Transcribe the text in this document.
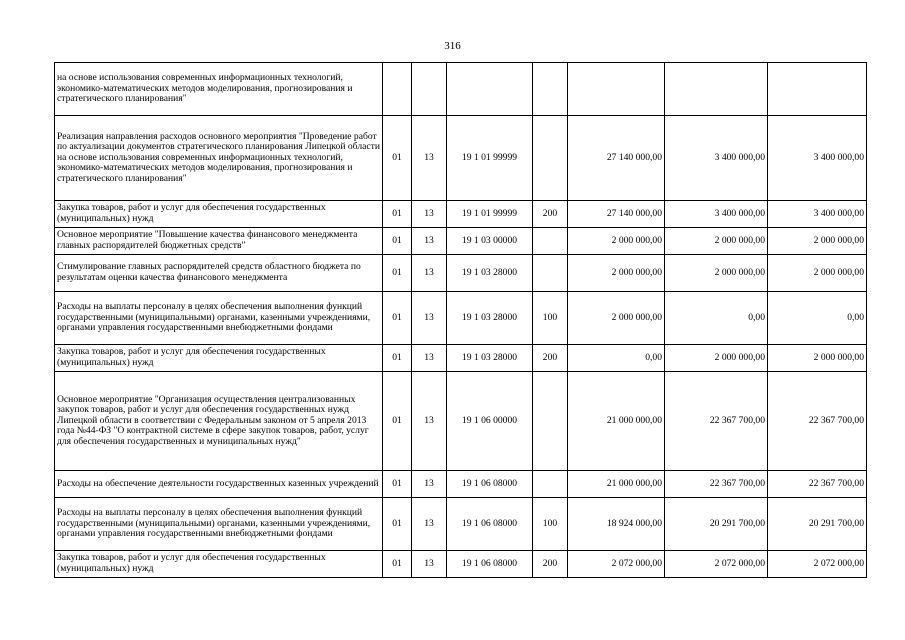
316
на основе использования современных информационных технологий, экономико-математических методов моделирования, прогнозирования и стратегического планирования"							
Реализация направления расходов основного мероприятия "Проведение работ по актуализации документов стратегического планирования Липецкой области на основе использования современных информационных технологий, экономико-математических методов моделирования, прогнозирования и стратегического планирования"	01	13	19 1 01 99999		27 140 000,00	3 400 000,00	3 400 000,00
Закупка товаров, работ и услуг для обеспечения государственных (муниципальных) нужд	01	13	19 1 01 99999	200	27 140 000,00	3 400 000,00	3 400 000,00
Основное мероприятие "Повышение качества финансового менеджмента главных распорядителей бюджетных средств"	01	13	19 1 03 00000		2 000 000,00	2 000 000,00	2 000 000,00
Стимулирование главных распорядителей средств областного бюджета по результатам оценки качества финансового менеджмента	01	13	19 1 03 28000		2 000 000,00	2 000 000,00	2 000 000,00
Расходы на выплаты персоналу в целях обеспечения выполнения функций государственными (муниципальными) органами, казенными учреждениями, органами управления государственными внебюджетными фондами	01	13	19 1 03 28000	100	2 000 000,00	0,00	0,00
Закупка товаров, работ и услуг для обеспечения государственных (муниципальных) нужд	01	13	19 1 03 28000	200	0,00	2 000 000,00	2 000 000,00
Основное мероприятие "Организация осуществления централизованных закупок товаров, работ и услуг для обеспечения государственных нужд Липецкой области в соответствии с Федеральным законом от 5 апреля 2013 года №44-ФЗ "О контрактной системе в сфере закупок товаров, работ, услуг для обеспечения государственных и муниципальных нужд"	01	13	19 1 06 00000		21 000 000,00	22 367 700,00	22 367 700,00
Расходы на обеспечение деятельности государственных казенных учреждений	01	13	19 1 06 08000		21 000 000,00	22 367 700,00	22 367 700,00
Расходы на выплаты персоналу в целях обеспечения выполнения функций государственными (муниципальными) органами, казенными учреждениями, органами управления государственными внебюджетными фондами	01	13	19 1 06 08000	100	18 924 000,00	20 291 700,00	20 291 700,00
Закупка товаров, работ и услуг для обеспечения государственных (муниципальных) нужд	01	13	19 1 06 08000	200	2 072 000,00	2 072 000,00	2 072 000,00
